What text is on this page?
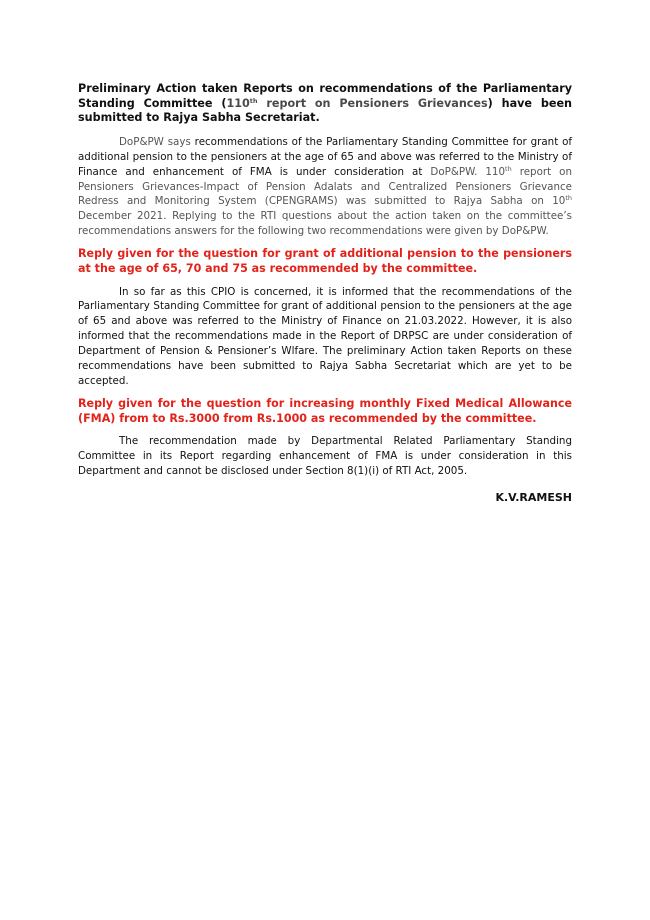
Preliminary Action taken Reports on recommendations of the Parliamentary Standing Committee (110th report on Pensioners Grievances) have been submitted to Rajya Sabha Secretariat.

DoP&PW says recommendations of the Parliamentary Standing Committee for grant of additional pension to the pensioners at the age of 65 and above was referred to the Ministry of Finance and enhancement of FMA is under consideration at DoP&PW. 110th report on Pensioners Grievances-Impact of Pension Adalats and Centralized Pensioners Grievance Redress and Monitoring System (CPENGRAMS) was submitted to Rajya Sabha on 10th December 2021. Replying to the RTI questions about the action taken on the committee’s recommendations answers for the following two recommendations were given by DoP&PW.

Reply given for the question for grant of additional pension to the pensioners at the age of 65, 70 and 75 as recommended by the committee.

In so far as this CPIO is concerned, it is informed that the recommendations of the Parliamentary Standing Committee for grant of additional pension to the pensioners at the age of 65 and above was referred to the Ministry of Finance on 21.03.2022. However, it is also informed that the recommendations made in the Report of DRPSC are under consideration of Department of Pension & Pensioner’s Wlfare. The preliminary Action taken Reports on these recommendations have been submitted to Rajya Sabha Secretariat which are yet to be accepted.

Reply given for the question for increasing monthly Fixed Medical Allowance (FMA) from to Rs.3000 from Rs.1000 as recommended by the committee.

The recommendation made by Departmental Related Parliamentary Standing Committee in its Report regarding enhancement of FMA is under consideration in this Department and cannot be disclosed under Section 8(1)(i) of RTI Act, 2005.

K.V.RAMESH
